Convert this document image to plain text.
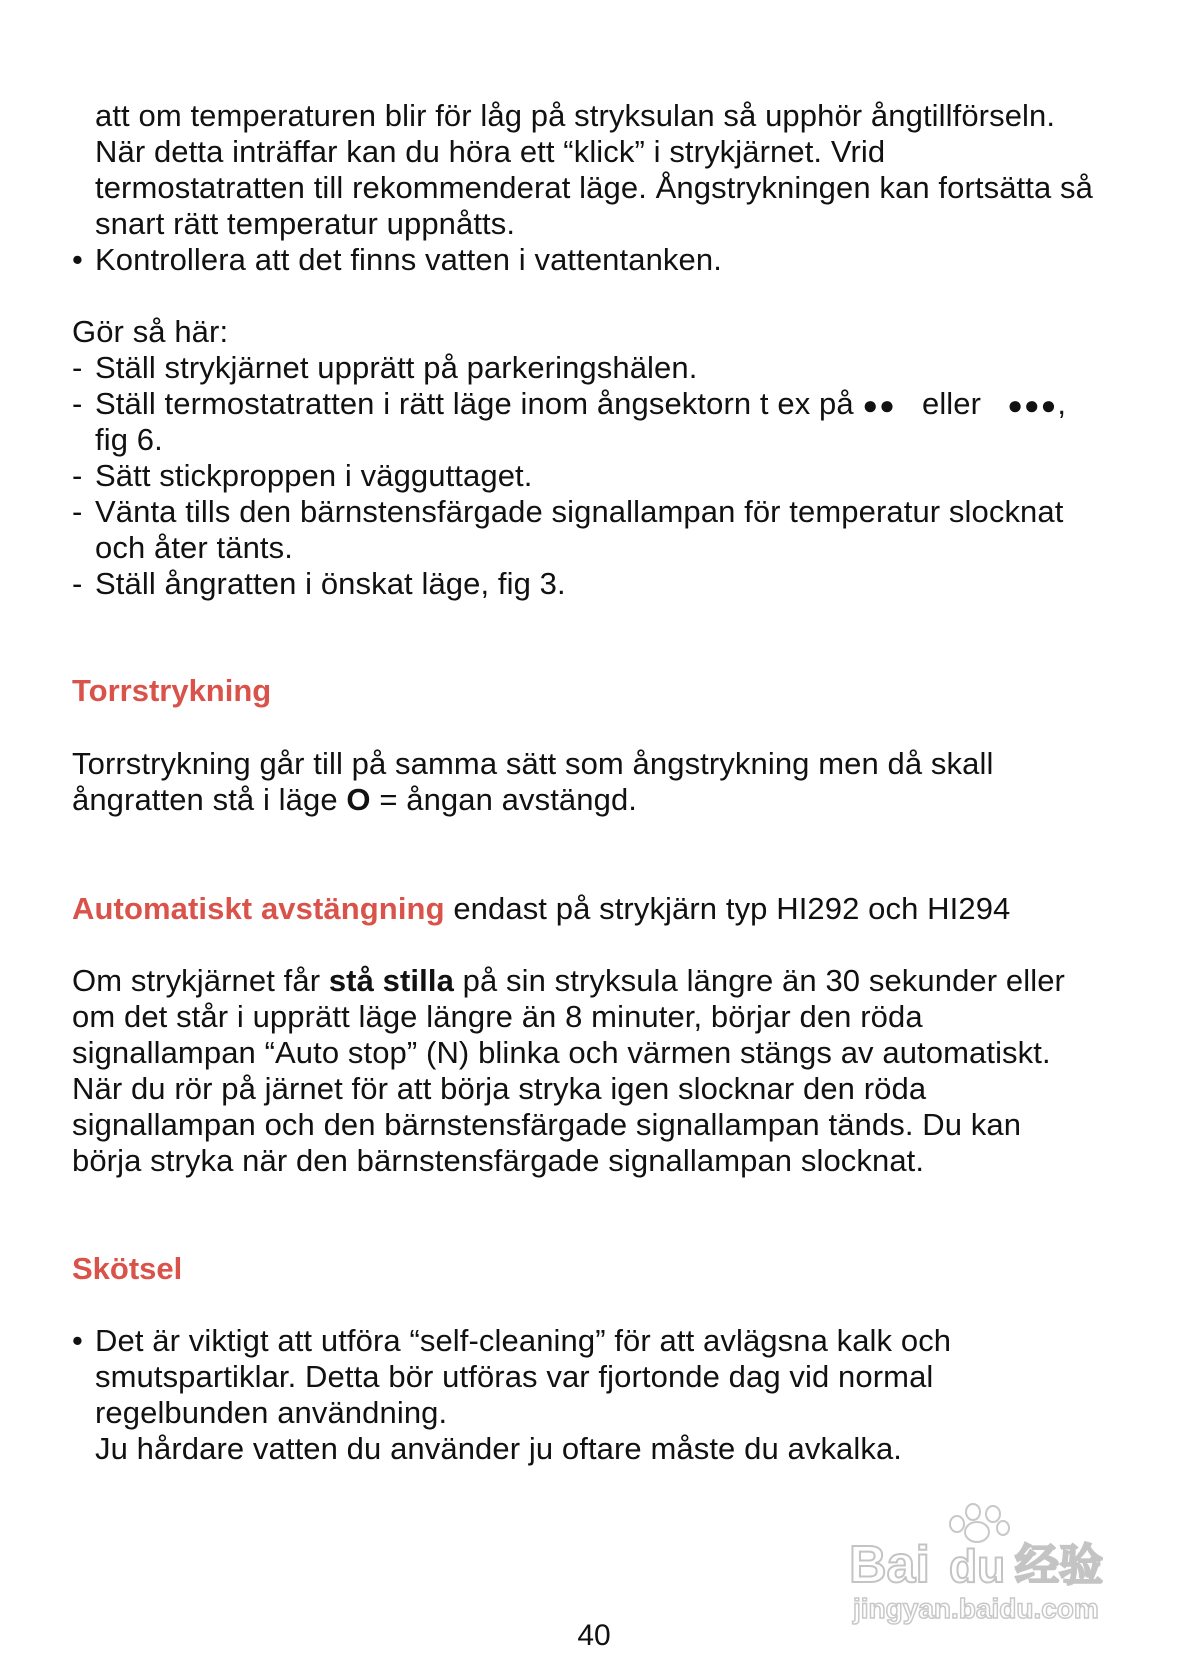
att om temperaturen blir för låg på stryksulan så upphör ångtillförseln.
När detta inträffar kan du höra ett “klick” i strykjärnet. Vrid
termostatratten till rekommenderat läge. Ångstrykningen kan fortsätta så
snart rätt temperatur uppnåtts.
• Kontrollera att det finns vatten i vattentanken.
Gör så här:
- Ställ strykjärnet upprätt på parkeringshälen.
- Ställ termostatratten i rätt läge inom ångsektorn t ex på ●● eller ●●●,
fig 6.
- Sätt stickproppen i vägguttaget.
- Vänta tills den bärnstensfärgade signallampan för temperatur slocknat
och åter tänts.
- Ställ ångratten i önskat läge, fig 3.
Torrstrykning
Torrstrykning går till på samma sätt som ångstrykning men då skall
ångratten stå i läge O = ångan avstängd.
Automatiskt avstängning endast på strykjärn typ HI292 och HI294
Om strykjärnet får stå stilla på sin stryksula längre än 30 sekunder eller
om det står i upprätt läge längre än 8 minuter, börjar den röda
signallampan “Auto stop” (N) blinka och värmen stängs av automatiskt.
När du rör på järnet för att börja stryka igen slocknar den röda
signallampan och den bärnstensfärgade signallampan tänds. Du kan
börja stryka när den bärnstensfärgade signallampan slocknat.
Skötsel
• Det är viktigt att utföra “self-cleaning” för att avlägsna kalk och
smutspartiklar. Detta bör utföras var fjortonde dag vid normal
regelbunden användning.
Ju hårdare vatten du använder ju oftare måste du avkalka.
Bai du 经验
jingyan.baidu.com
40
